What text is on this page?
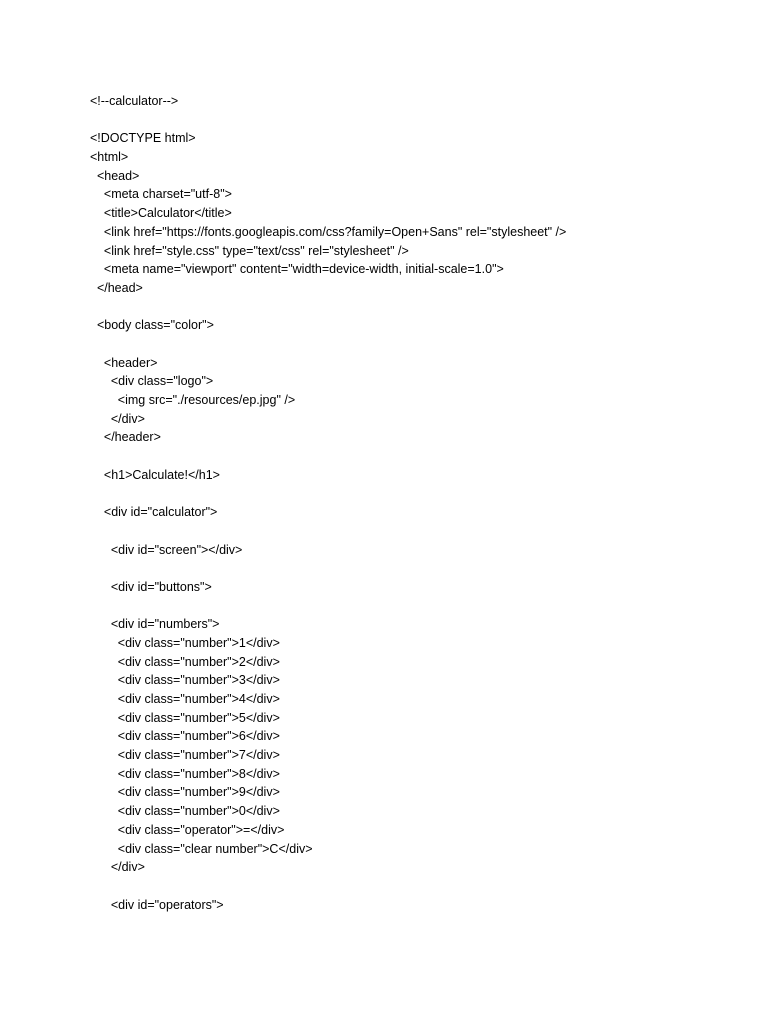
<!--calculator-->
<!DOCTYPE html>
<html>
<head>
<meta charset="utf-8">
<title>Calculator</title>
<link href="https://fonts.googleapis.com/css?family=Open+Sans" rel="stylesheet" />
<link href="style.css" type="text/css" rel="stylesheet" />
<meta name="viewport" content="width=device-width, initial-scale=1.0">
</head>
<body class="color">
<header>
<div class="logo">
<img src="./resources/ep.jpg" />
</div>
</header>
<h1>Calculate!</h1>
<div id="calculator">
<div id="screen"></div>
<div id="buttons">
<div id="numbers">
<div class="number">1</div>
<div class="number">2</div>
<div class="number">3</div>
<div class="number">4</div>
<div class="number">5</div>
<div class="number">6</div>
<div class="number">7</div>
<div class="number">8</div>
<div class="number">9</div>
<div class="number">0</div>
<div class="operator">=</div>
<div class="clear number">C</div>
</div>
<div id="operators">
